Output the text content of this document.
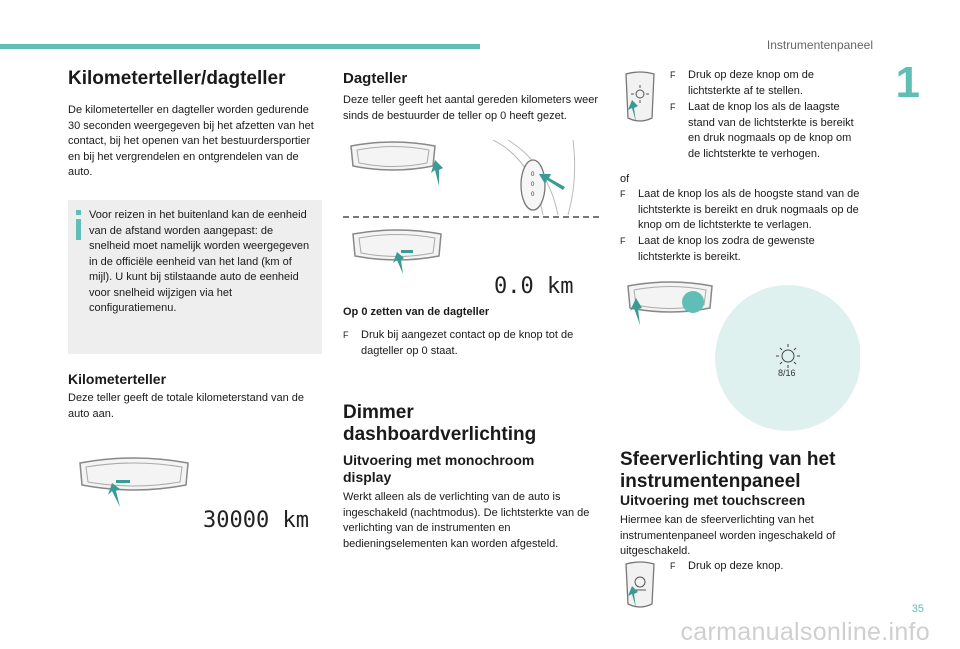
Instrumentenpaneel
1
Kilometerteller/dagteller

De kilometerteller en dagteller worden gedurende 30 seconden weergegeven bij het afzetten van het contact, bij het openen van het bestuurdersportier en bij het vergrendelen en ontgrendelen van de auto.

Voor reizen in het buitenland kan de eenheid van de afstand worden aangepast: de snelheid moet namelijk worden weergegeven in de officiële eenheid van het land (km of mijl). U kunt bij stilstaande auto de eenheid voor snelheid wijzigen via het configuratiemenu.

Kilometerteller

Deze teller geeft de totale kilometerstand van de auto aan.

30000 km
Dagteller

Deze teller geeft het aantal gereden kilometers weer sinds de bestuurder de teller op 0 heeft gezet.

0
0
0
0.0 km
Op 0 zetten van de dagteller
F	Druk bij aangezet contact op de knop tot de dagteller op 0 staat.
Dimmer dashboardverlichting
Uitvoering met monochroom display

Werkt alleen als de verlichting van de auto is ingeschakeld (nachtmodus). De lichtsterkte van de verlichting van de instrumenten en bedieningselementen kan worden afgesteld.

F	Druk op deze knop om de lichtsterkte af te stellen.
F	Laat de knop los als de laagste stand van de lichtsterkte is bereikt en druk nogmaals op de knop om de lichtsterkte te verhogen.

of

F	Laat de knop los als de hoogste stand van de lichtsterkte is bereikt en druk nogmaals op de knop om de lichtsterkte te verlagen.
F	Laat de knop los zodra de gewenste lichtsterkte is bereikt.
8/16
Sfeerverlichting van het instrumentenpaneel
Uitvoering met touchscreen

Hiermee kan de sfeerverlichting van het instrumentenpaneel worden ingeschakeld of uitgeschakeld.

F	Druk op deze knop.
35
carmanualsonline.info
